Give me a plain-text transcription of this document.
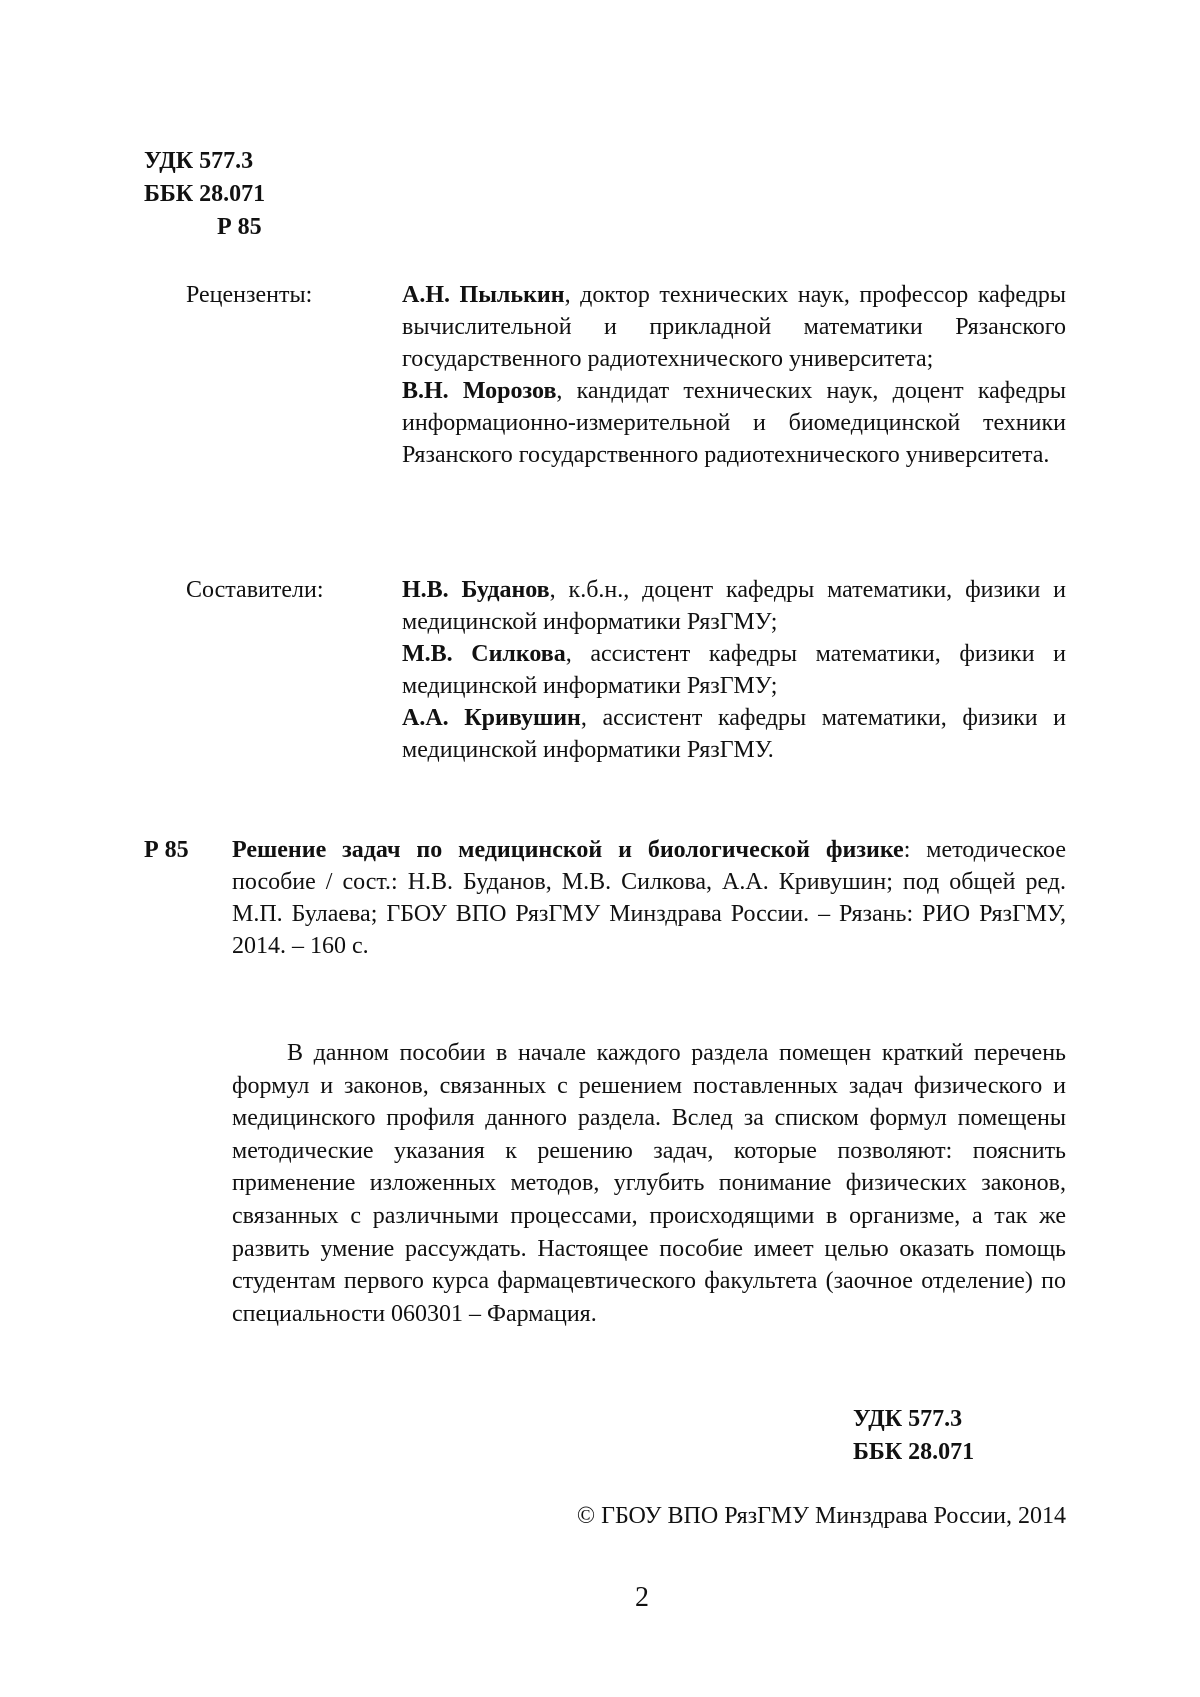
УДК 577.3
ББК 28.071
Р 85
Рецензенты:	А.Н. Пылькин, доктор технических наук, профессор кафедры вычислительной и прикладной математики Рязанского государственного радиотехнического университета;
В.Н. Морозов, кандидат технических наук, доцент кафедры информационно-измерительной и биомедицинской техники Рязанского государственного радиотехнического университета.
Составители:	Н.В. Буданов, к.б.н., доцент кафедры математики, физики и медицинской информатики РязГМУ;
М.В. Силкова, ассистент кафедры математики, физики и медицинской информатики РязГМУ;
А.А. Кривушин, ассистент кафедры математики, физики и медицинской информатики РязГМУ.
Р 85	Решение задач по медицинской и биологической физике: методическое пособие / сост.: Н.В. Буданов, М.В. Силкова, А.А. Кривушин; под общей ред. М.П. Булаева; ГБОУ ВПО РязГМУ Минздрава России. – Рязань: РИО РязГМУ, 2014. – 160 с.
В данном пособии в начале каждого раздела помещен краткий перечень формул и законов, связанных с решением поставленных задач физического и медицинского профиля данного раздела. Вслед за списком формул помещены методические указания к решению задач, которые позволяют: пояснить применение изложенных методов, углубить понимание физических законов, связанных с различными процессами, происходящими в организме, а так же развить умение рассуждать. Настоящее пособие имеет целью оказать помощь студентам первого курса фармацевтического факультета (заочное отделение) по специальности 060301 – Фармация.
УДК 577.3
ББК 28.071
© ГБОУ ВПО РязГМУ Минздрава России, 2014
2
